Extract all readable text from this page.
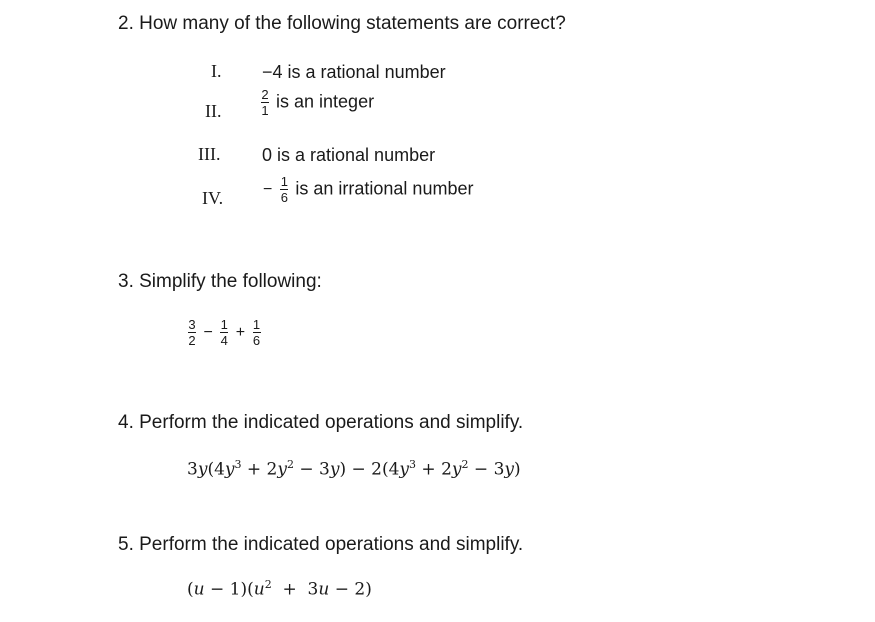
2. How many of the following statements are correct?
I. −4 is a rational number
II.	$\frac{2}{1}$ is an integer
III. 0 is a rational number
IV. − $\frac{1}{6}$ is an irrational number
3. Simplify the following:
$\frac{3}{2} - \frac{1}{4} + \frac{1}{6}$
4. Perform the indicated operations and simplify.
$3y(4y^3 + 2y^2 - 3y) - 2(4y^3 + 2y^2 - 3y)$
5. Perform the indicated operations and simplify.
$(u - 1)(u^2 + 3u - 2)$
